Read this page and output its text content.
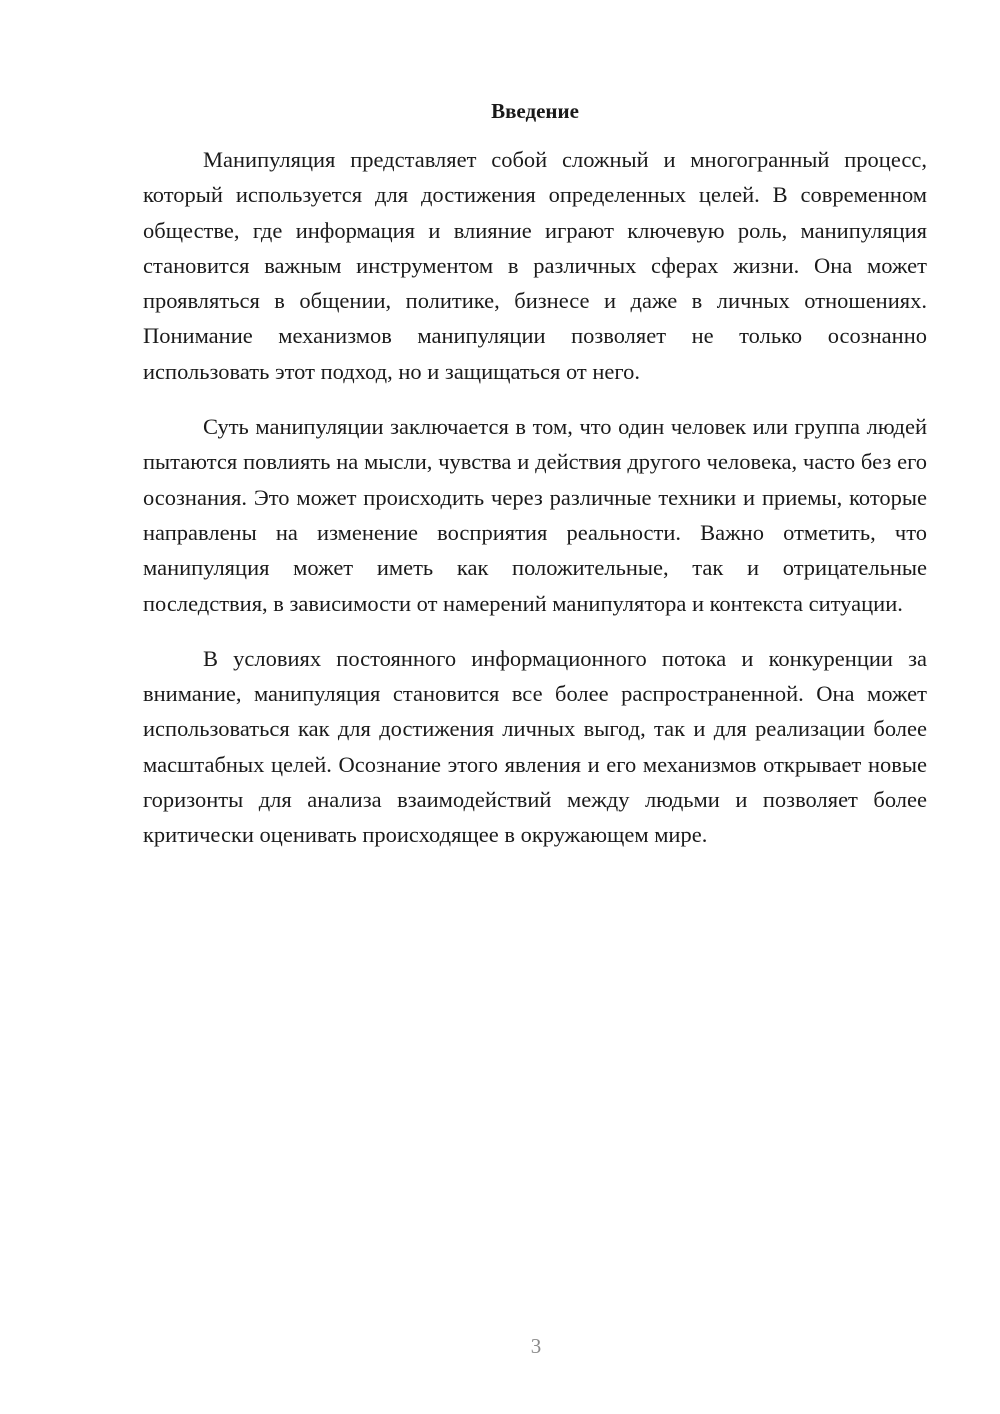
Введение

Манипуляция представляет собой сложный и многогранный процесс, который используется для достижения определенных целей. В современном обществе, где информация и влияние играют ключевую роль, манипуляция становится важным инструментом в различных сферах жизни. Она может проявляться в общении, политике, бизнесе и даже в личных отношениях. Понимание механизмов манипуляции позволяет не только осознанно использовать этот подход, но и защищаться от него.

Суть манипуляции заключается в том, что один человек или группа людей пытаются повлиять на мысли, чувства и действия другого человека, часто без его осознания. Это может происходить через различные техники и приемы, которые направлены на изменение восприятия реальности. Важно отметить, что манипуляция может иметь как положительные, так и отрицательные последствия, в зависимости от намерений манипулятора и контекста ситуации.

В условиях постоянного информационного потока и конкуренции за внимание, манипуляция становится все более распространенной. Она может использоваться как для достижения личных выгод, так и для реализации более масштабных целей. Осознание этого явления и его механизмов открывает новые горизонты для анализа взаимодействий между людьми и позволяет более критически оценивать происходящее в окружающем мире.

3
